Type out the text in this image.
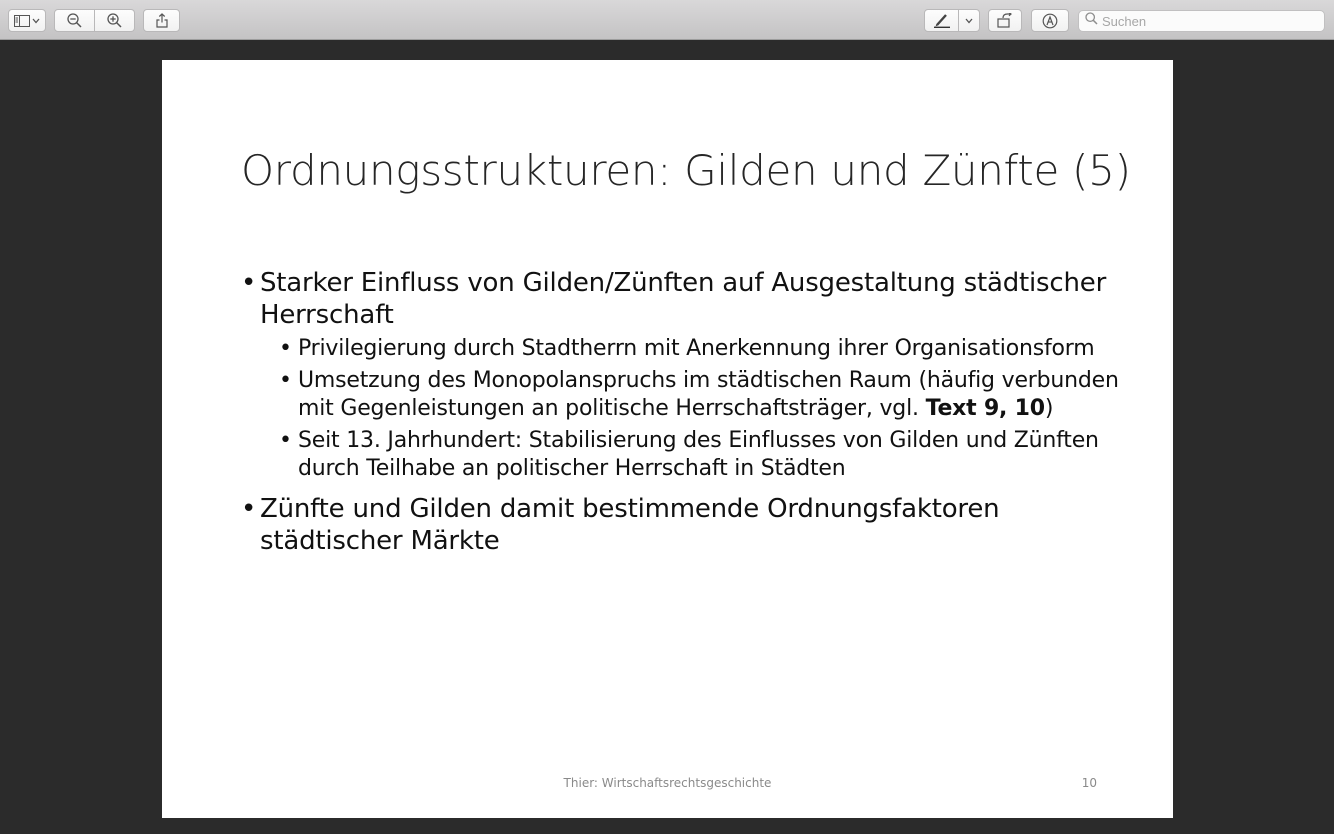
Suchen
Ordnungsstrukturen: Gilden und Zünfte (5)
• Starker Einfluss von Gilden/Zünften auf Ausgestaltung städtischer Herrschaft
• Privilegierung durch Stadtherrn mit Anerkennung ihrer Organisationsform
• Umsetzung des Monopolanspruchs im städtischen Raum (häufig verbunden mit Gegenleistungen an politische Herrschaftsträger, vgl. Text 9, 10)
• Seit 13. Jahrhundert: Stabilisierung des Einflusses von Gilden und Zünften durch Teilhabe an politischer Herrschaft in Städten
• Zünfte und Gilden damit bestimmende Ordnungsfaktoren städtischer Märkte
Thier: Wirtschaftsrechtsgeschichte	10
